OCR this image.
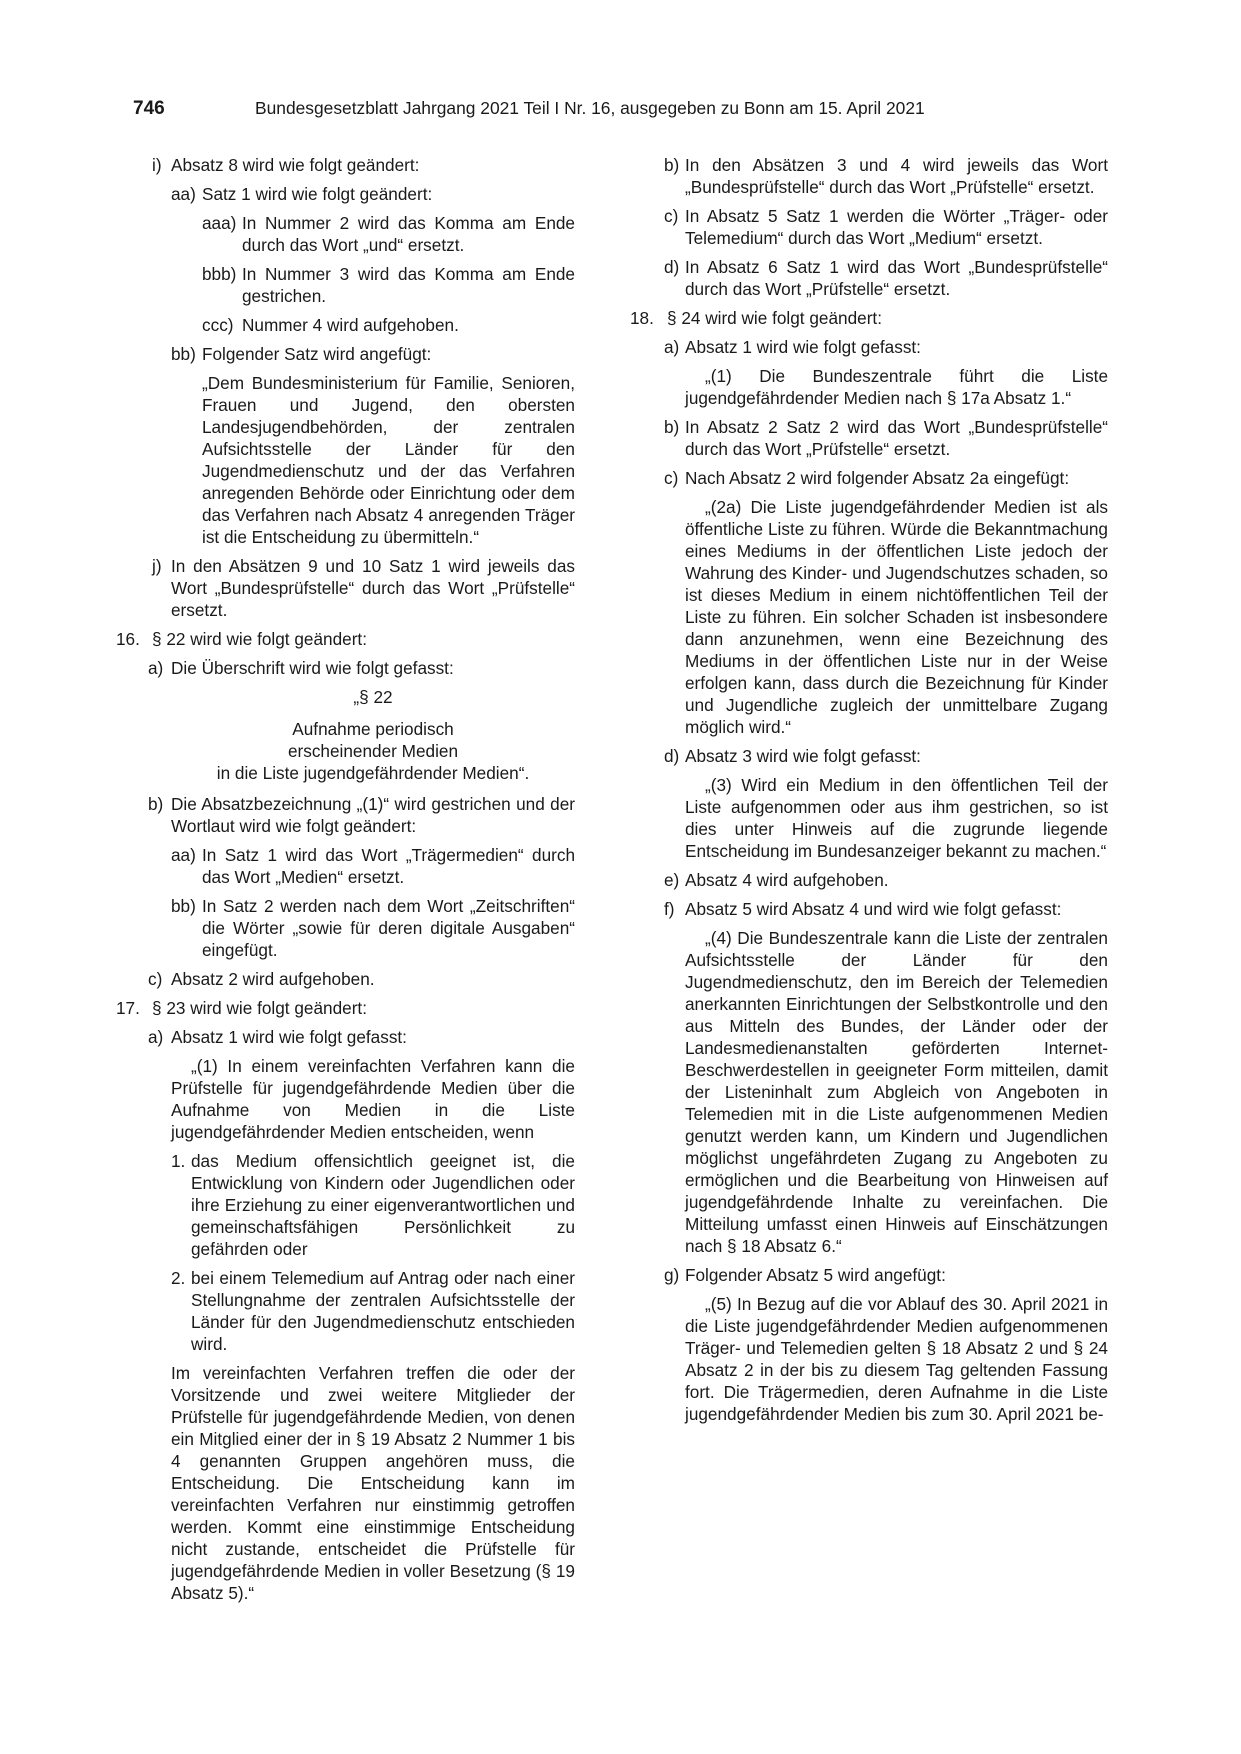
746	Bundesgesetzblatt Jahrgang 2021 Teil I Nr. 16, ausgegeben zu Bonn am 15. April 2021
i) Absatz 8 wird wie folgt geändert:
aa) Satz 1 wird wie folgt geändert:
aaa) In Nummer 2 wird das Komma am Ende durch das Wort „und“ ersetzt.
bbb) In Nummer 3 wird das Komma am Ende gestrichen.
ccc) Nummer 4 wird aufgehoben.
bb) Folgender Satz wird angefügt:
„Dem Bundesministerium für Familie, Senioren, Frauen und Jugend, den obersten Landesjugendbehörden, der zentralen Aufsichtsstelle der Länder für den Jugendmedienschutz und der das Verfahren anregenden Behörde oder Einrichtung oder dem das Verfahren nach Absatz 4 anregenden Träger ist die Entscheidung zu übermitteln.“
j) In den Absätzen 9 und 10 Satz 1 wird jeweils das Wort „Bundesprüfstelle“ durch das Wort „Prüfstelle“ ersetzt.
16. § 22 wird wie folgt geändert:
a) Die Überschrift wird wie folgt gefasst:

„§ 22

Aufnahme periodisch

erscheinender Medien

in die Liste jugendgefährdender Medien“.

b) Die Absatzbezeichnung „(1)“ wird gestrichen und der Wortlaut wird wie folgt geändert:
aa) In Satz 1 wird das Wort „Trägermedien“ durch das Wort „Medien“ ersetzt.
bb) In Satz 2 werden nach dem Wort „Zeitschriften“ die Wörter „sowie für deren digitale Ausgaben“ eingefügt.
c) Absatz 2 wird aufgehoben.
17. § 23 wird wie folgt geändert:
a) Absatz 1 wird wie folgt gefasst:
„(1) In einem vereinfachten Verfahren kann die Prüfstelle für jugendgefährdende Medien über die Aufnahme von Medien in die Liste jugendgefährdender Medien entscheiden, wenn
1. das Medium offensichtlich geeignet ist, die Entwicklung von Kindern oder Jugendlichen oder ihre Erziehung zu einer eigenverantwortlichen und gemeinschaftsfähigen Persönlichkeit zu gefährden oder
2. bei einem Telemedium auf Antrag oder nach einer Stellungnahme der zentralen Aufsichtsstelle der Länder für den Jugendmedienschutz entschieden wird.
Im vereinfachten Verfahren treffen die oder der Vorsitzende und zwei weitere Mitglieder der Prüfstelle für jugendgefährdende Medien, von denen ein Mitglied einer der in § 19 Absatz 2 Nummer 1 bis 4 genannten Gruppen angehören muss, die Entscheidung. Die Entscheidung kann im vereinfachten Verfahren nur einstimmig getroffen werden. Kommt eine einstimmige Entscheidung nicht zustande, entscheidet die Prüfstelle für jugendgefährdende Medien in voller Besetzung (§ 19 Absatz 5).“
b) In den Absätzen 3 und 4 wird jeweils das Wort „Bundesprüfstelle“ durch das Wort „Prüfstelle“ ersetzt.
c) In Absatz 5 Satz 1 werden die Wörter „Träger- oder Telemedium“ durch das Wort „Medium“ ersetzt.
d) In Absatz 6 Satz 1 wird das Wort „Bundesprüfstelle“ durch das Wort „Prüfstelle“ ersetzt.
18. § 24 wird wie folgt geändert:
a) Absatz 1 wird wie folgt gefasst:
„(1) Die Bundeszentrale führt die Liste jugendgefährdender Medien nach § 17a Absatz 1.“
b) In Absatz 2 Satz 2 wird das Wort „Bundesprüfstelle“ durch das Wort „Prüfstelle“ ersetzt.
c) Nach Absatz 2 wird folgender Absatz 2a eingefügt:
„(2a) Die Liste jugendgefährdender Medien ist als öffentliche Liste zu führen. Würde die Bekanntmachung eines Mediums in der öffentlichen Liste jedoch der Wahrung des Kinder- und Jugendschutzes schaden, so ist dieses Medium in einem nichtöffentlichen Teil der Liste zu führen. Ein solcher Schaden ist insbesondere dann anzunehmen, wenn eine Bezeichnung des Mediums in der öffentlichen Liste nur in der Weise erfolgen kann, dass durch die Bezeichnung für Kinder und Jugendliche zugleich der unmittelbare Zugang möglich wird.“
d) Absatz 3 wird wie folgt gefasst:
„(3) Wird ein Medium in den öffentlichen Teil der Liste aufgenommen oder aus ihm gestrichen, so ist dies unter Hinweis auf die zugrunde liegende Entscheidung im Bundesanzeiger bekannt zu machen.“
e) Absatz 4 wird aufgehoben.
f) Absatz 5 wird Absatz 4 und wird wie folgt gefasst:
„(4) Die Bundeszentrale kann die Liste der zentralen Aufsichtsstelle der Länder für den Jugendmedienschutz, den im Bereich der Telemedien anerkannten Einrichtungen der Selbstkontrolle und den aus Mitteln des Bundes, der Länder oder der Landesmedienanstalten geförderten Internet-Beschwerdestellen in geeigneter Form mitteilen, damit der Listeninhalt zum Abgleich von Angeboten in Telemedien mit in die Liste aufgenommenen Medien genutzt werden kann, um Kindern und Jugendlichen möglichst ungefährdeten Zugang zu Angeboten zu ermöglichen und die Bearbeitung von Hinweisen auf jugendgefährdende Inhalte zu vereinfachen. Die Mitteilung umfasst einen Hinweis auf Einschätzungen nach § 18 Absatz 6.“
g) Folgender Absatz 5 wird angefügt:
„(5) In Bezug auf die vor Ablauf des 30. April 2021 in die Liste jugendgefährdender Medien aufgenommenen Träger- und Telemedien gelten § 18 Absatz 2 und § 24 Absatz 2 in der bis zu diesem Tag geltenden Fassung fort. Die Trägermedien, deren Aufnahme in die Liste jugendgefährdender Medien bis zum 30. April 2021 be-
